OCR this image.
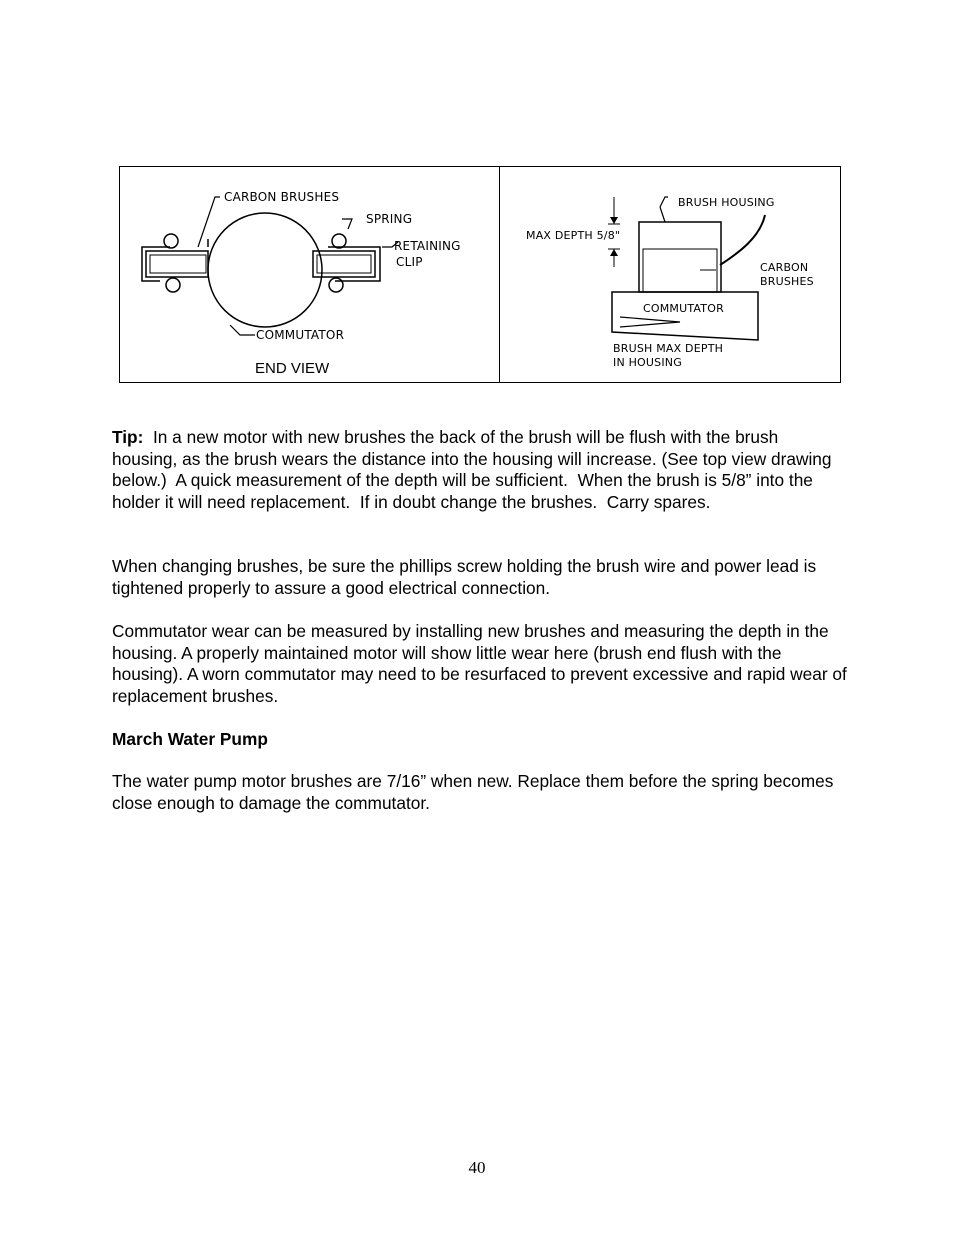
CARBON BRUSHES
SPRING
RETAINING
CLIP
COMMUTATOR
END VIEW
MAX DEPTH 5/8"
BRUSH HOUSING
CARBON
BRUSHES
COMMUTATOR
BRUSH MAX DEPTH
IN HOUSING

Tip:  In a new motor with new brushes the back of the brush will be flush with the brush housing, as the brush wears the distance into the housing will increase. (See top view drawing below.)  A quick measurement of the depth will be sufficient.  When the brush is 5/8” into the holder it will need replacement.  If in doubt change the brushes.  Carry spares.

When changing brushes, be sure the phillips screw holding the brush wire and power lead is tightened properly to assure a good electrical connection.

Commutator wear can be measured by installing new brushes and measuring the depth in the housing. A properly maintained motor will show little wear here (brush end flush with the housing). A worn commutator may need to be resurfaced to prevent excessive and rapid wear of replacement brushes.

March Water Pump

The water pump motor brushes are 7/16” when new. Replace them before the spring becomes close enough to damage the commutator.

40
